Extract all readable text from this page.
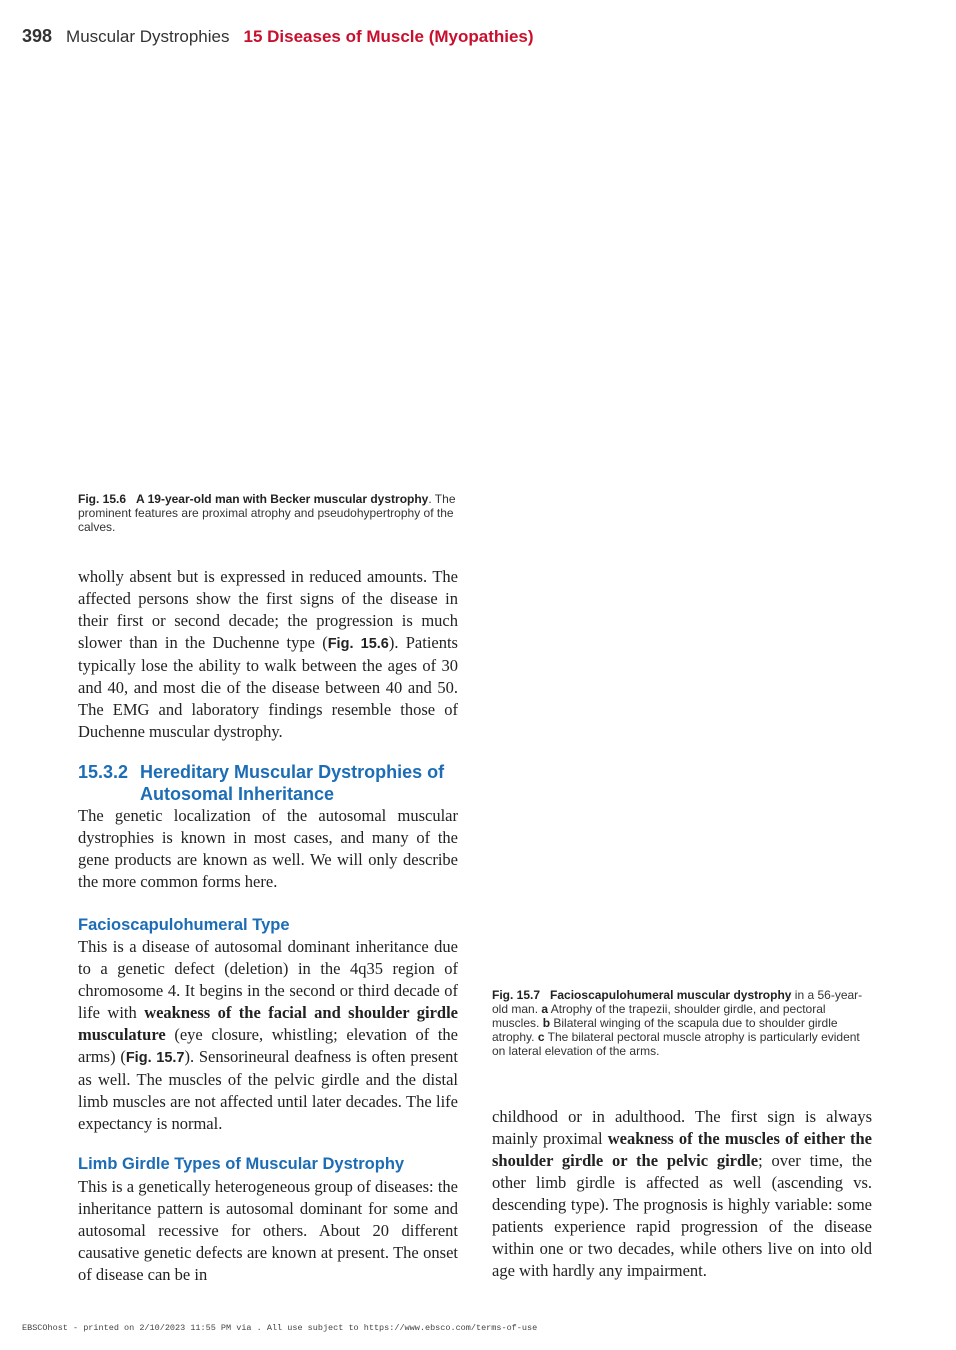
398 Muscular Dystrophies 15 Diseases of Muscle (Myopathies)
Fig. 15.6 A 19-year-old man with Becker muscular dystrophy. The prominent features are proximal atrophy and pseudohypertrophy of the calves.

wholly absent but is expressed in reduced amounts. The affected persons show the first signs of the disease in their first or second decade; the progression is much slower than in the Duchenne type (Fig. 15.6). Patients typically lose the ability to walk between the ages of 30 and 40, and most die of the disease between 40 and 50. The EMG and laboratory findings resemble those of Duchenne muscular dystrophy.

15.3.2 Hereditary Muscular Dystrophies of
Autosomal Inheritance

The genetic localization of the autosomal muscular dystrophies is known in most cases, and many of the gene products are known as well. We will only describe the more common forms here.

Facioscapulohumeral Type

This is a disease of autosomal dominant inheritance due to a genetic defect (deletion) in the 4q35 region of chromosome 4. It begins in the second or third decade of life with weakness of the facial and shoulder girdle musculature (eye closure, whistling; elevation of the arms) (Fig. 15.7). Sensorineural deafness is often present as well. The muscles of the pelvic girdle and the distal limb muscles are not affected until later decades. The life expectancy is normal.

Limb Girdle Types of Muscular Dystrophy

This is a genetically heterogeneous group of diseases: the inheritance pattern is autosomal dominant for some and autosomal recessive for others. About 20 different causative genetic defects are known at present. The onset of disease can be in

Fig. 15.7 Facioscapulohumeral muscular dystrophy in a 56-year-old man. a Atrophy of the trapezii, shoulder girdle, and pectoral muscles. b Bilateral winging of the scapula due to shoulder girdle atrophy. c The bilateral pectoral muscle atrophy is particularly evident on lateral elevation of the arms.

childhood or in adulthood. The first sign is always mainly proximal weakness of the muscles of either the shoulder girdle or the pelvic girdle; over time, the other limb girdle is affected as well (ascending vs. descending type). The prognosis is highly variable: some patients experience rapid progression of the disease within one or two decades, while others live on into old age with hardly any impairment.

EBSCOhost - printed on 2/10/2023 11:55 PM via . All use subject to https://www.ebsco.com/terms-of-use
